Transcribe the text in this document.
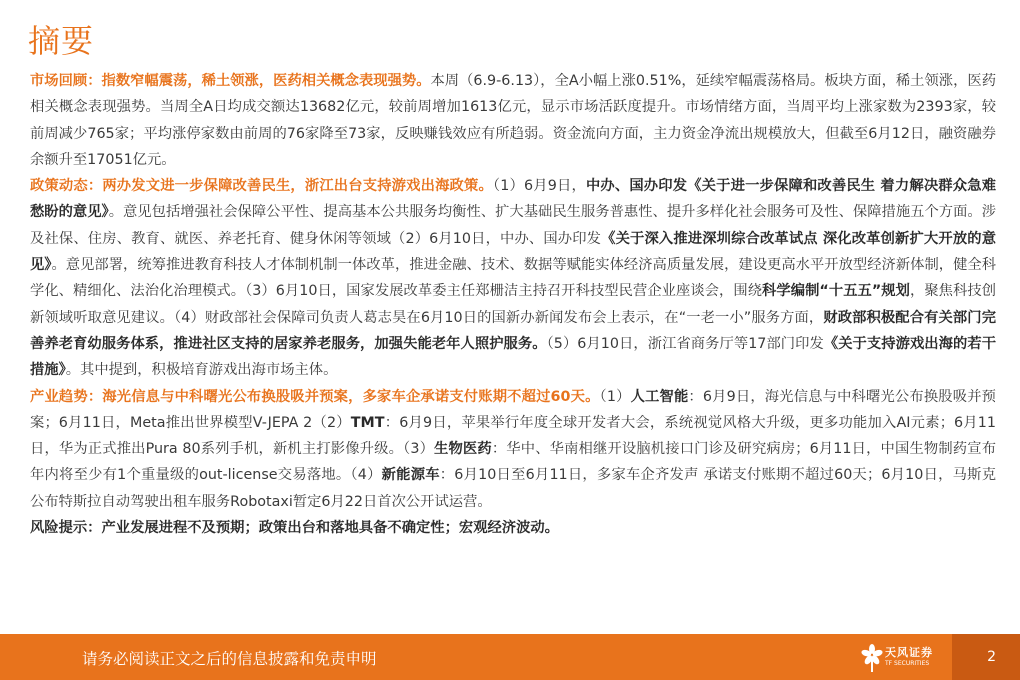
摘要

市场回顾：指数窄幅震荡，稀土领涨，医药相关概念表现强势。本周（6.9-6.13），全A小幅上涨0.51%，延续窄幅震荡格局。板块方面，稀土领涨，医药相关概念表现强势。当周全A日均成交额达13682亿元，较前周增加1613亿元，显示市场活跃度提升。市场情绪方面，当周平均上涨家数为2393家，较前周减少765家；平均涨停家数由前周的76家降至73家，反映赚钱效应有所趋弱。资金流向方面，主力资金净流出规模放大，但截至6月12日，融资融券余额升至17051亿元。

政策动态：两办发文进一步保障改善民生，浙江出台支持游戏出海政策。（1）6月9日，中办、国办印发《关于进一步保障和改善民生 着力解决群众急难愁盼的意见》。意见包括增强社会保障公平性、提高基本公共服务均衡性、扩大基础民生服务普惠性、提升多样化社会服务可及性、保障措施五个方面。涉及社保、住房、教育、就医、养老托育、健身休闲等领域（2）6月10日，中办、国办印发《关于深入推进深圳综合改革试点 深化改革创新扩大开放的意见》。意见部署，统筹推进教育科技人才体制机制一体改革，推进金融、技术、数据等赋能实体经济高质量发展，建设更高水平开放型经济新体制，健全科学化、精细化、法治化治理模式。（3）6月10日，国家发展改革委主任郑栅洁主持召开科技型民营企业座谈会，围绕科学编制“十五五”规划，聚焦科技创新领域听取意见建议。（4）财政部社会保障司负责人葛志昊在6月10日的国新办新闻发布会上表示，在“一老一小”服务方面，财政部积极配合有关部门完善养老育幼服务体系，推进社区支持的居家养老服务，加强失能老年人照护服务。（5）6月10日，浙江省商务厅等17部门印发《关于支持游戏出海的若干措施》。其中提到，积极培育游戏出海市场主体。

产业趋势：海光信息与中科曙光公布换股吸并预案，多家车企承诺支付账期不超过60天。（1）人工智能：6月9日，海光信息与中科曙光公布换股吸并预案；6月11日，Meta推出世界模型V-JEPA 2（2）TMT：6月9日，苹果举行年度全球开发者大会，系统视觉风格大升级，更多功能加入AI元素；6月11日，华为正式推出Pura 80系列手机，新机主打影像升级。（3）生物医药：华中、华南相继开设脑机接口门诊及研究病房；6月11日，中国生物制药宣布年内将至少有1个重量级的out-license交易落地。（4）新能源车：6月10日至6月11日，多家车企齐发声 承诺支付账期不超过60天；6月10日，马斯克公布特斯拉自动驾驶出租车服务Robotaxi暂定6月22日首次公开试运营。

风险提示：产业发展进程不及预期；政策出台和落地具备不确定性；宏观经济波动。

请务必阅读正文之后的信息披露和免责申明	天风证券
TF SECURITIES	2
